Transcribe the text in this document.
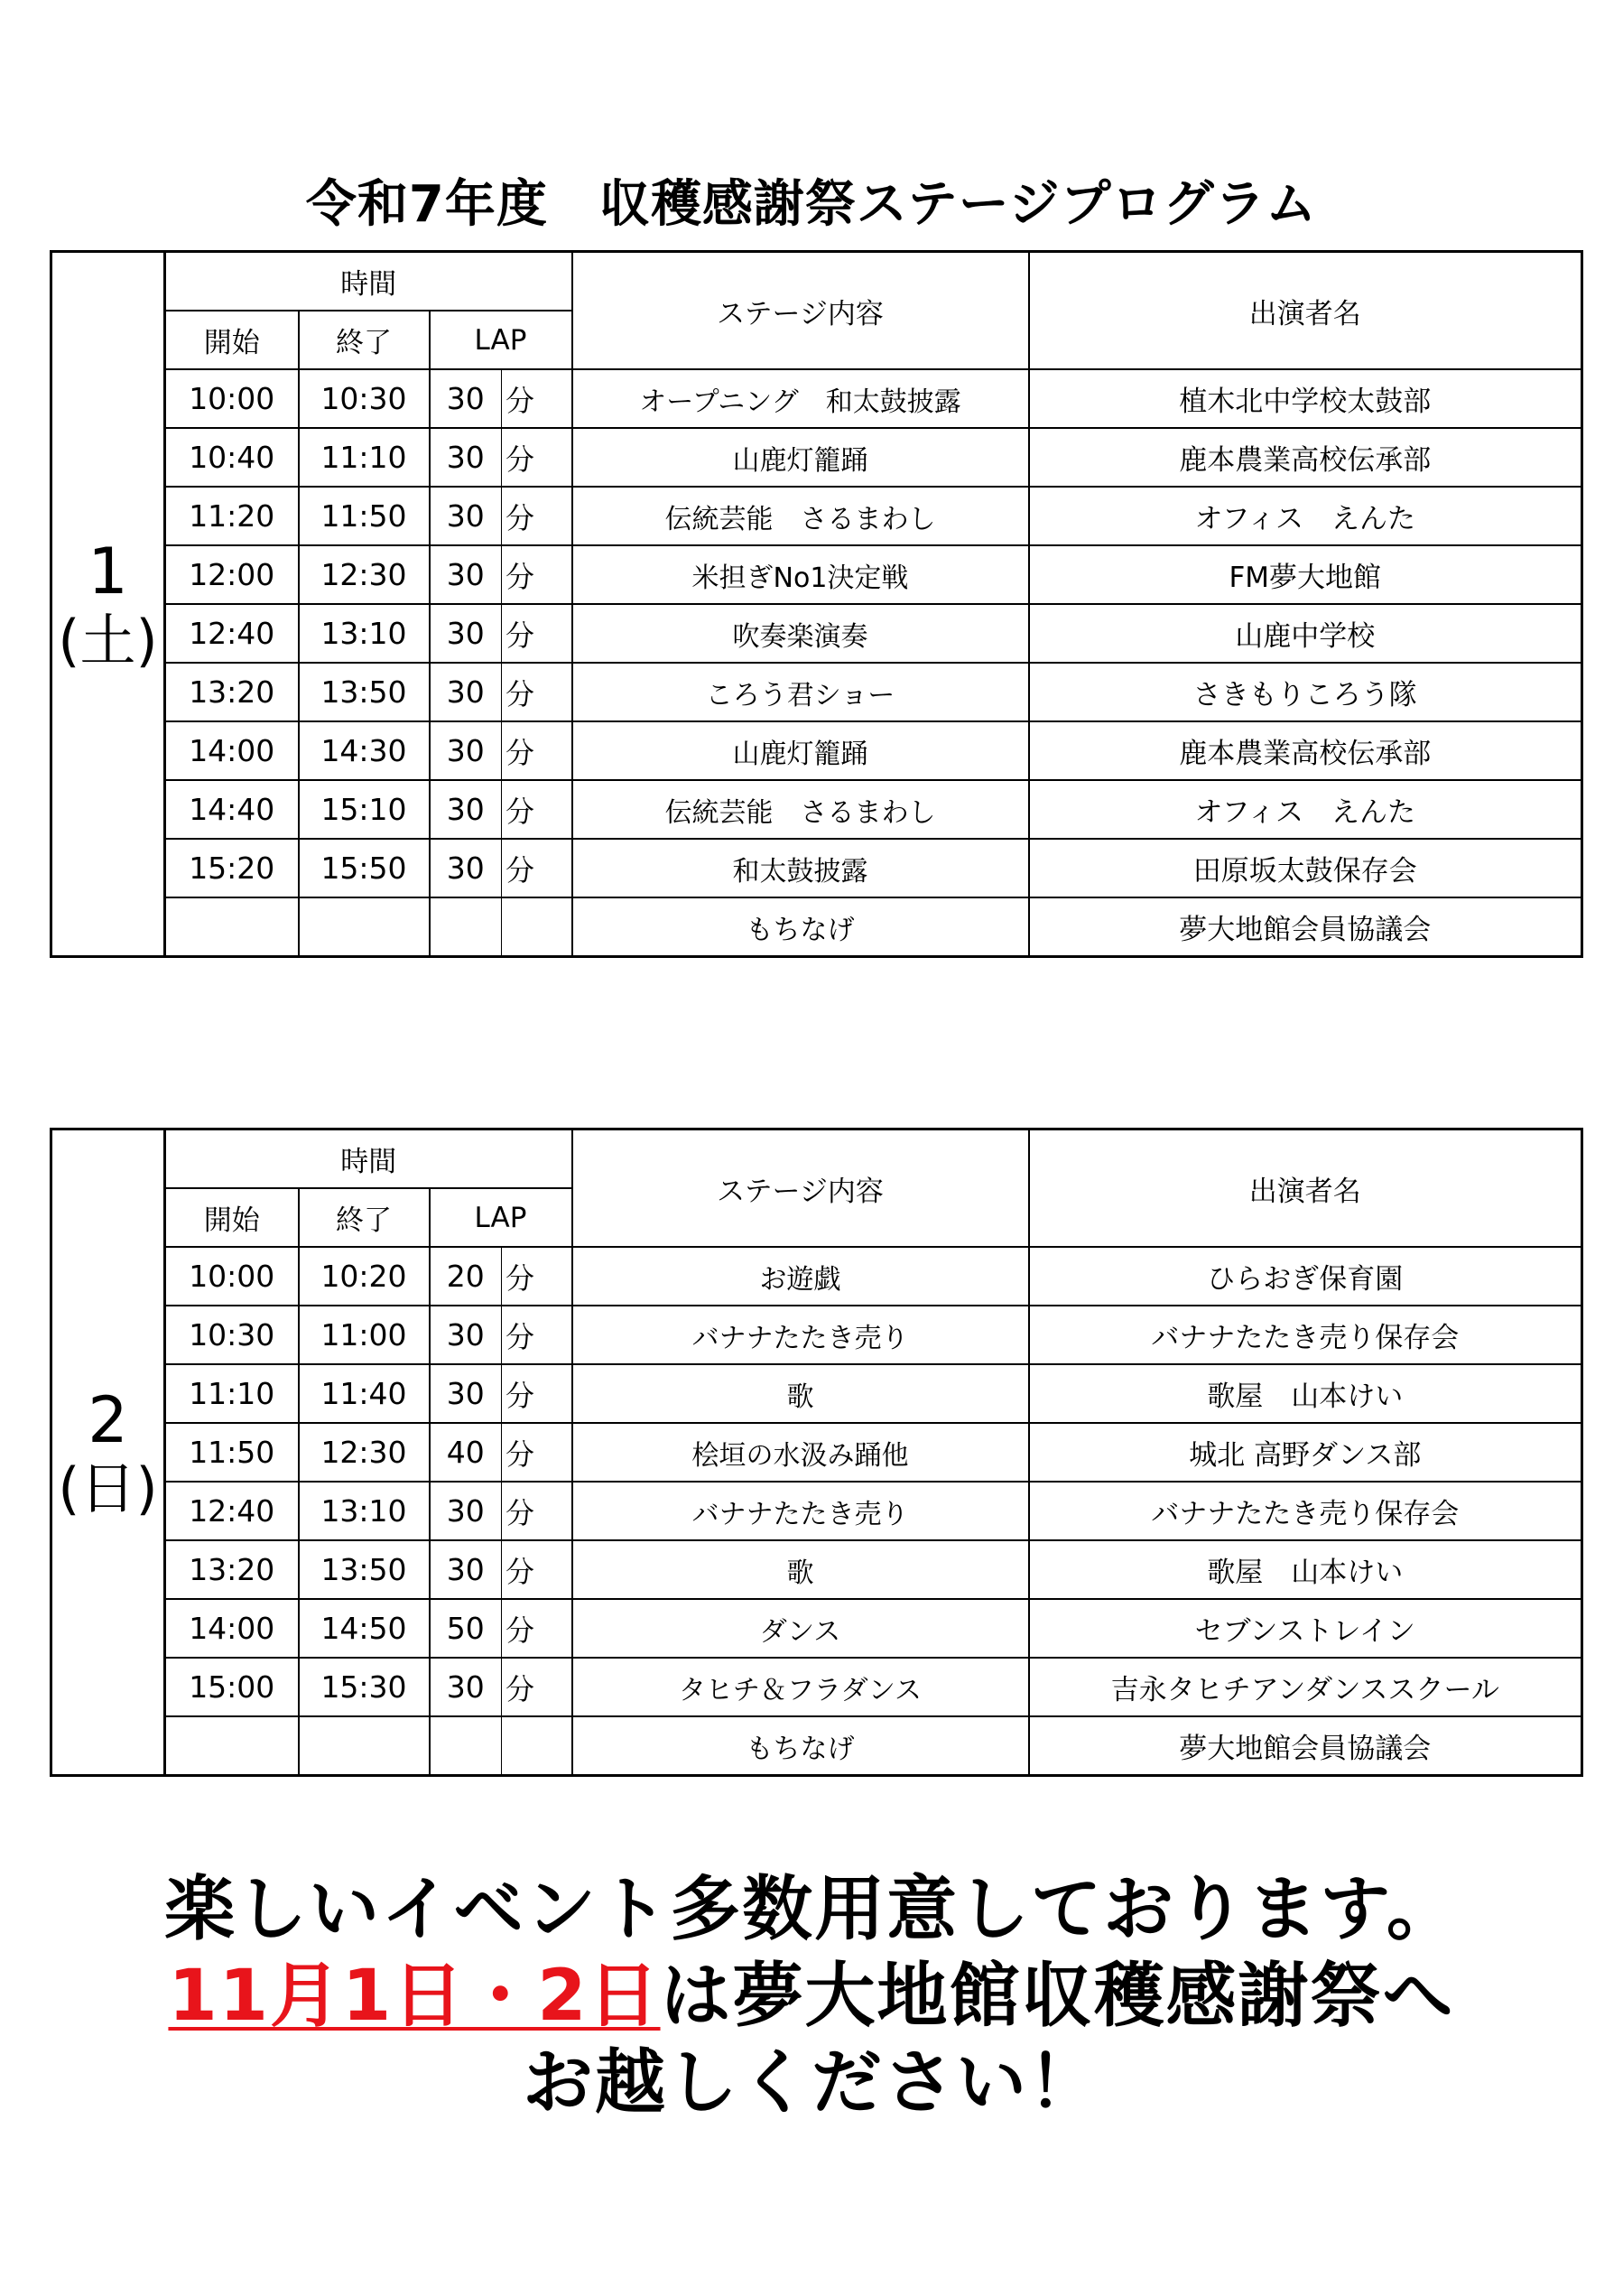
令和7年度　収穫感謝祭ステージプログラム
1
(土)	時間				ステージ内容	出演者名
	開始	終了	LAP			
	10:00	10:30	30	分	オープニング　和太鼓披露	植木北中学校太鼓部
	10:40	11:10	30	分	山鹿灯籠踊	鹿本農業高校伝承部
	11:20	11:50	30	分	伝統芸能　さるまわし	オフィス　えんた
	12:00	12:30	30	分	米担ぎNo1決定戦	FM夢大地館
	12:40	13:10	30	分	吹奏楽演奏	山鹿中学校
	13:20	13:50	30	分	ころう君ショー	さきもりころう隊
	14:00	14:30	30	分	山鹿灯籠踊	鹿本農業高校伝承部
	14:40	15:10	30	分	伝統芸能　さるまわし	オフィス　えんた
	15:20	15:50	30	分	和太鼓披露	田原坂太鼓保存会
					もちなげ	夢大地館会員協議会
2
(日)	時間				ステージ内容	出演者名
	開始	終了	LAP			
	10:00	10:20	20	分	お遊戯	ひらおぎ保育園
	10:30	11:00	30	分	バナナたたき売り	バナナたたき売り保存会
	11:10	11:40	30	分	歌	歌屋　山本けい
	11:50	12:30	40	分	桧垣の水汲み踊他	城北 高野ダンス部
	12:40	13:10	30	分	バナナたたき売り	バナナたたき売り保存会
	13:20	13:50	30	分	歌	歌屋　山本けい
	14:00	14:50	50	分	ダンス	セブンストレイン
	15:00	15:30	30	分	タヒチ＆フラダンス	吉永タヒチアンダンススクール
					もちなげ	夢大地館会員協議会
楽しいイベント多数用意しております。
11月1日・2日は夢大地館収穫感謝祭へ
お越しください！
